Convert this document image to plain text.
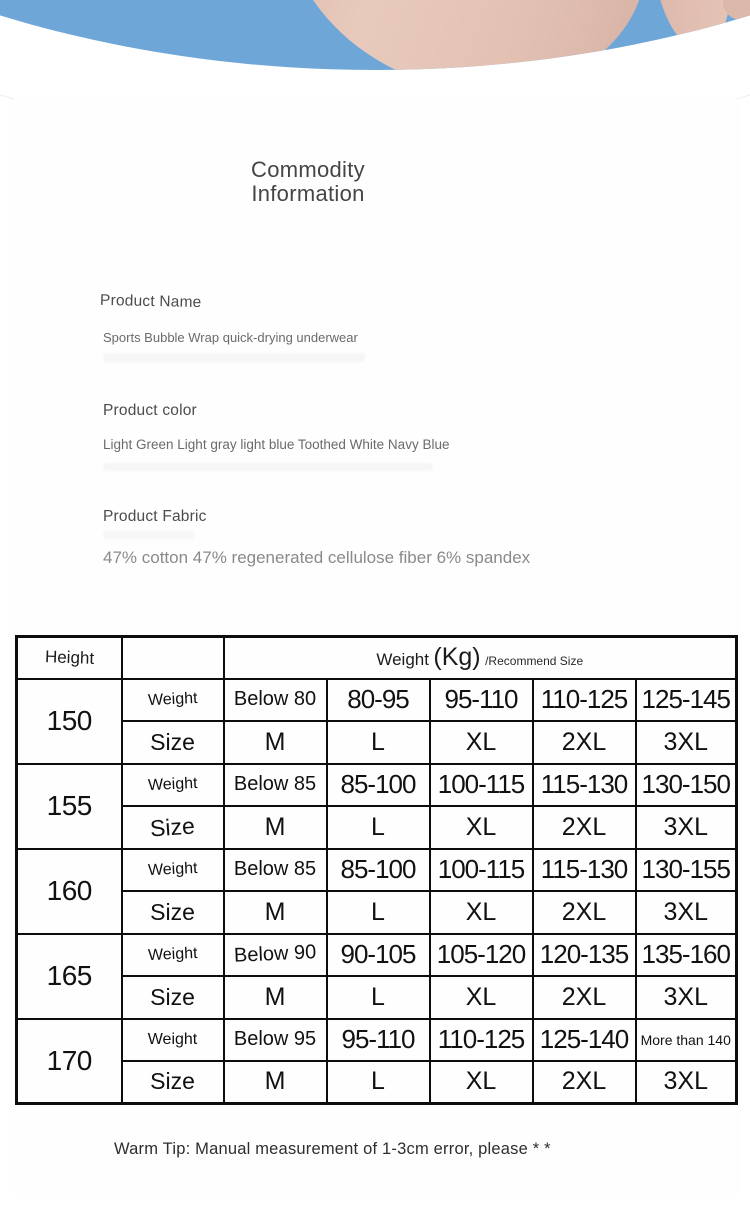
Commodity
Information
Product Name
Sports Bubble Wrap quick-drying underwear
Product color
Light Green Light gray light blue Toothed White Navy Blue
Product Fabric
47% cotton 47% regenerated cellulose fiber 6% spandex
Height		Weight (Kg) /Recommend Size				
150	Weight	Below 80	80-95	95-110	110-125	125-145
	Size	M	L	XL	2XL	3XL
155	Weight	Below 85	85-100	100-115	115-130	130-150
	Size	M	L	XL	2XL	3XL
160	Weight	Below 85	85-100	100-115	115-130	130-155
	Size	M	L	XL	2XL	3XL
165	Weight	Below 90	90-105	105-120	120-135	135-160
	Size	M	L	XL	2XL	3XL
170	Weight	Below 95	95-110	110-125	125-140	More than 140
	Size	M	L	XL	2XL	3XL
Warm Tip: Manual measurement of 1-3cm error, please * *
